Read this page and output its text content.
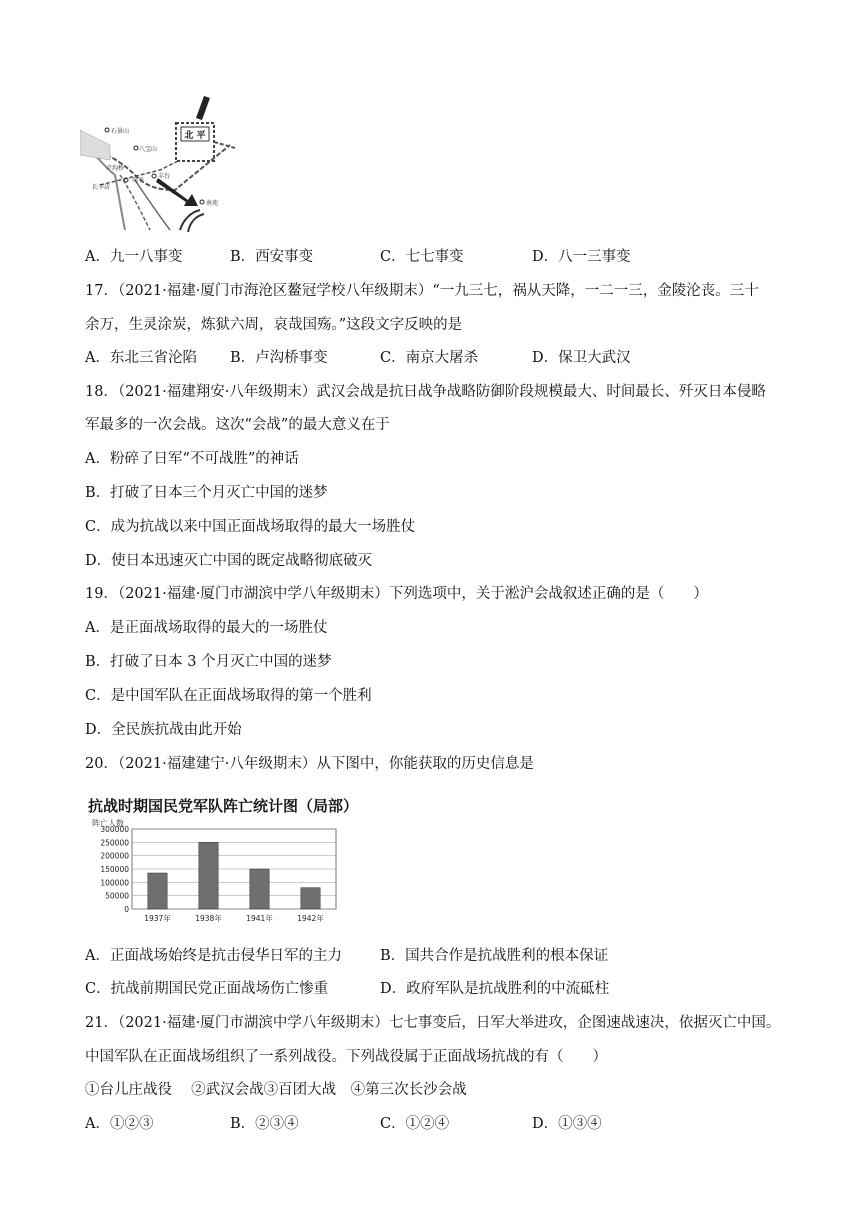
北 平
石景山
八宝山
卢沟桥
宛平
丰台
长辛店
南苑
A．九一八事变	B．西安事变	C．七七事变	D．八一三事变
17．（2021·福建·厦门市海沧区鳌冠学校八年级期末）“一九三七，祸从天降，一二一三，金陵沦丧。三十
余万，生灵涂炭，炼狱六周，哀哉国殇。”这段文字反映的是
A．东北三省沦陷 B．卢沟桥事变	C．南京大屠杀	D．保卫大武汉
18．（2021·福建翔安·八年级期末）武汉会战是抗日战争战略防御阶段规模最大、时间最长、歼灭日本侵略
军最多的一次会战。这次“会战”的最大意义在于
A．粉碎了日军“不可战胜”的神话
B．打破了日本三个月灭亡中国的迷梦
C．成为抗战以来中国正面战场取得的最大一场胜仗
D．使日本迅速灭亡中国的既定战略彻底破灭
19．（2021·福建·厦门市湖滨中学八年级期末）下列选项中，关于淞沪会战叙述正确的是（　　）
A．是正面战场取得的最大的一场胜仗
B．打破了日本 3 个月灭亡中国的迷梦
C．是中国军队在正面战场取得的第一个胜利
D．全民族抗战由此开始
20．（2021·福建建宁·八年级期末）从下图中，你能获取的历史信息是
抗战时期国民党军队阵亡统计图（局部）
阵亡人数
0
50000
100000
150000
200000
250000
300000
1937年	1938年	1941年	1942年
A．正面战场始终是抗击侵华日军的主力	B．国共合作是抗战胜利的根本保证
C．抗战前期国民党正面战场伤亡惨重	D．政府军队是抗战胜利的中流砥柱
21．（2021·福建·厦门市湖滨中学八年级期末）七七事变后，日军大举进攻，企图速战速决，依据灭亡中国。
中国军队在正面战场组织了一系列战役。下列战役属于正面战场抗战的有（　　）
①台儿庄战役　 ②武汉会战③百团大战　④第三次长沙会战
A．①②③	B．②③④	C．①②④	D．①③④
